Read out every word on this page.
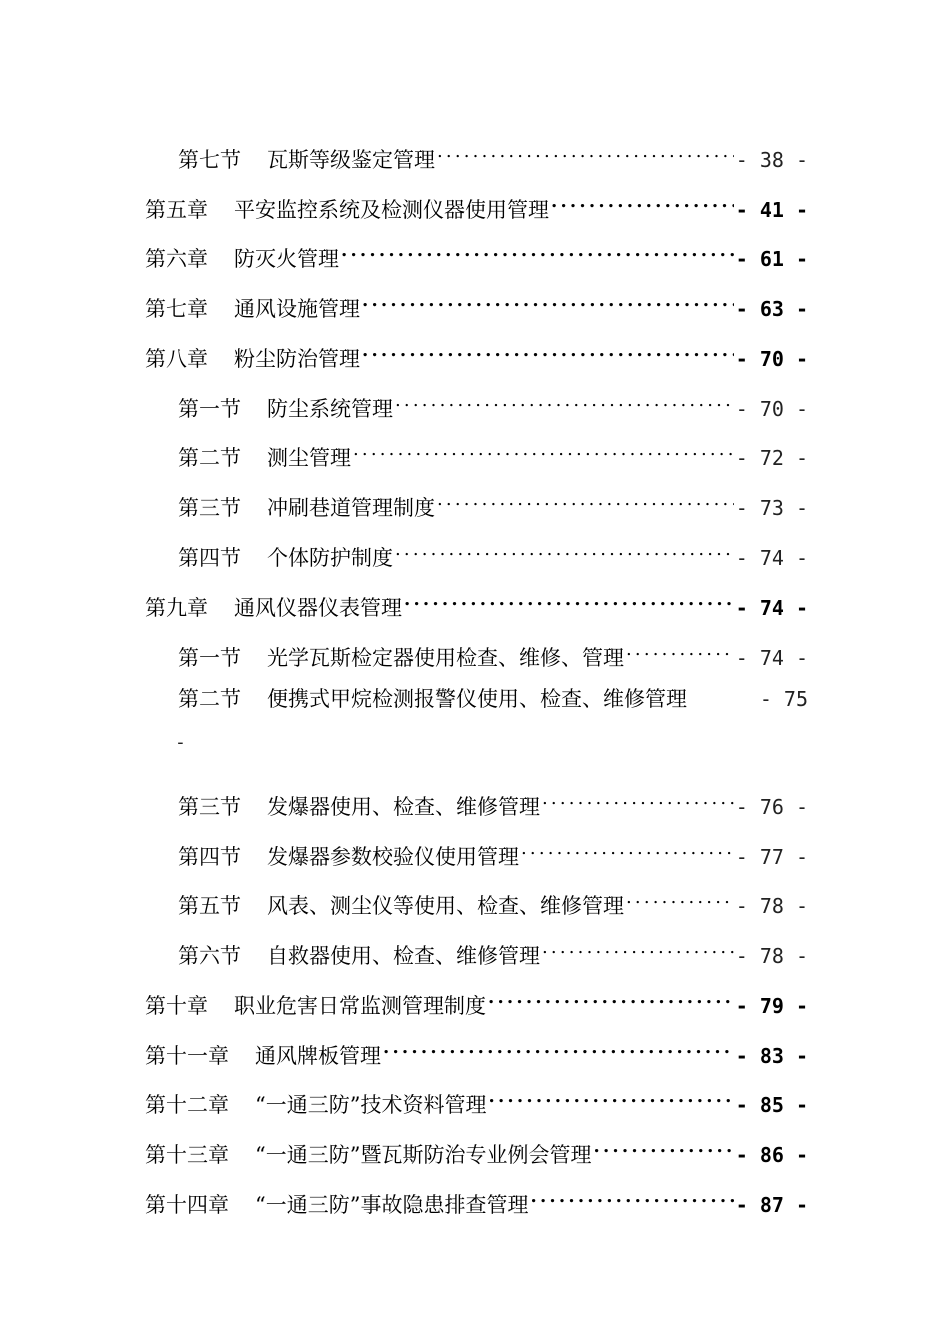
第七节 瓦斯等级鉴定管理 .....	- 38 -
第五章 平安监控系统及检测仪器使用管理 .....	- 41 -
第六章 防灭火管理 .....	- 61 -
第七章 通风设施管理 .....	- 63 -
第八章 粉尘防治管理 .....	- 70 -
第一节 防尘系统管理 .....	- 70 -
第二节 测尘管理 .....	- 72 -
第三节 冲刷巷道管理制度 .....	- 73 -
第四节 个体防护制度 .....	- 74 -
第九章 通风仪器仪表管理 .....	- 74 -
第一节 光学瓦斯检定器使用检查、维修、管理 .....	- 74 -
第二节 便携式甲烷检测报警仪使用、检查、维修管理	- 75
-
第三节 发爆器使用、检查、维修管理 .....	- 76 -
第四节 发爆器参数校验仪使用管理 .....	- 77 -
第五节 风表、测尘仪等使用、检查、维修管理 .....	- 78 -
第六节 自救器使用、检查、维修管理 .....	- 78 -
第十章 职业危害日常监测管理制度 .....	- 79 -
第十一章 通风牌板管理 .....	- 83 -
第十二章 “一通三防”技术资料管理 .....	- 85 -
第十三章 “一通三防”暨瓦斯防治专业例会管理 .....	- 86 -
第十四章 “一通三防”事故隐患排查管理 .....	- 87 -
